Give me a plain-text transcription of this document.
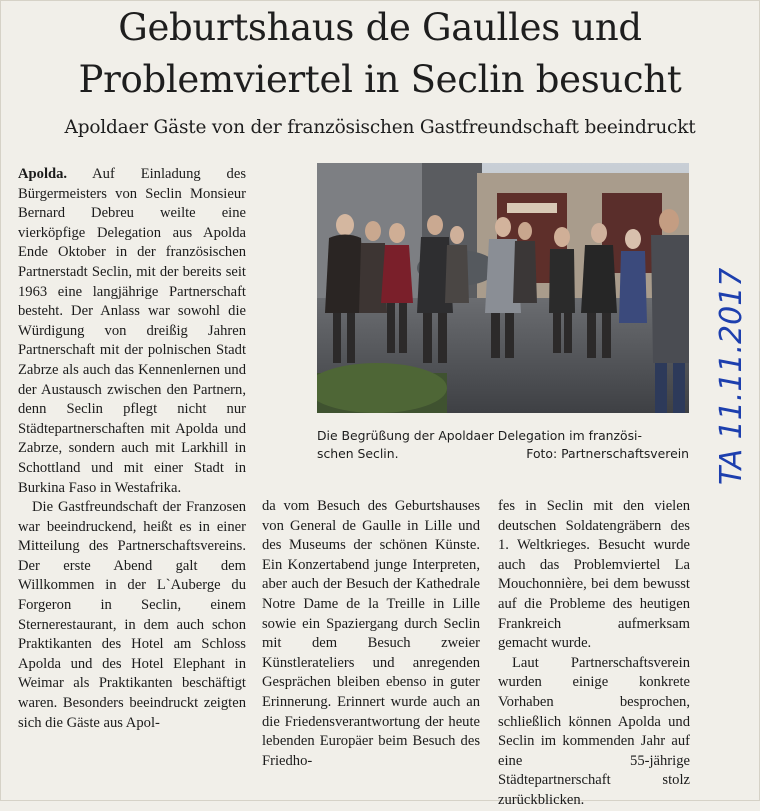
Geburtshaus de Gaulles und
Problemviertel in Seclin besucht
Apoldaer Gäste von der französischen Gastfreundschaft beeindruckt

Apolda. Auf Einladung des Bürgermeisters von Seclin Monsieur Bernard Debreu weilte eine vierköpfige Delegation aus Apolda Ende Oktober in der französischen Partnerstadt Seclin, mit der bereits seit 1963 eine langjährige Partnerschaft besteht. Der Anlass war sowohl die Würdigung von dreißig Jahren Partnerschaft mit der polnischen Stadt Zabrze als auch das Kennenlernen und der Austausch zwischen den Partnern, denn Seclin pflegt nicht nur Städtepartnerschaften mit Apolda und Zabrze, sondern auch mit Larkhill in Schottland und mit einer Stadt in Burkina Faso in Westafrika.

Die Gastfreundschaft der Franzosen war beeindruckend, heißt es in einer Mitteilung des Partnerschaftsvereins. Der erste Abend galt dem Willkommen in der L`Auberge du Forgeron in Seclin, einem Sternerestaurant, in dem auch schon Praktikanten des Hotel am Schloss Apolda und des Hotel Elephant in Weimar als Praktikanten beschäftigt waren. Besonders beeindruckt zeigten sich die Gäste aus Apol-

Die Begrüßung der Apoldaer Delegation im französi-
schen Seclin.	Foto: Partnerschaftsverein

da vom Besuch des Geburtshauses von General de Gaulle in Lille und des Museums der schönen Künste. Ein Konzertabend junge Interpreten, aber auch der Besuch der Kathedrale Notre Dame de la Treille in Lille sowie ein Spaziergang durch Seclin mit dem Besuch zweier Künstlerateliers und anregenden Gesprächen bleiben ebenso in guter Erinnerung. Erinnert wurde auch an die Friedensverantwortung der heute lebenden Europäer beim Besuch des Friedho-

fes in Seclin mit den vielen deutschen Soldatengräbern des 1. Weltkrieges. Besucht wurde auch das Problemviertel La Mouchonnière, bei dem bewusst auf die Probleme des heutigen Frankreich aufmerksam gemacht wurde.

Laut Partnerschaftsverein wurden einige konkrete Vorhaben besprochen, schließlich können Apolda und Seclin im kommenden Jahr auf eine 55-jährige Städtepartnerschaft stolz zurückblicken.

TA 11.11.2017
